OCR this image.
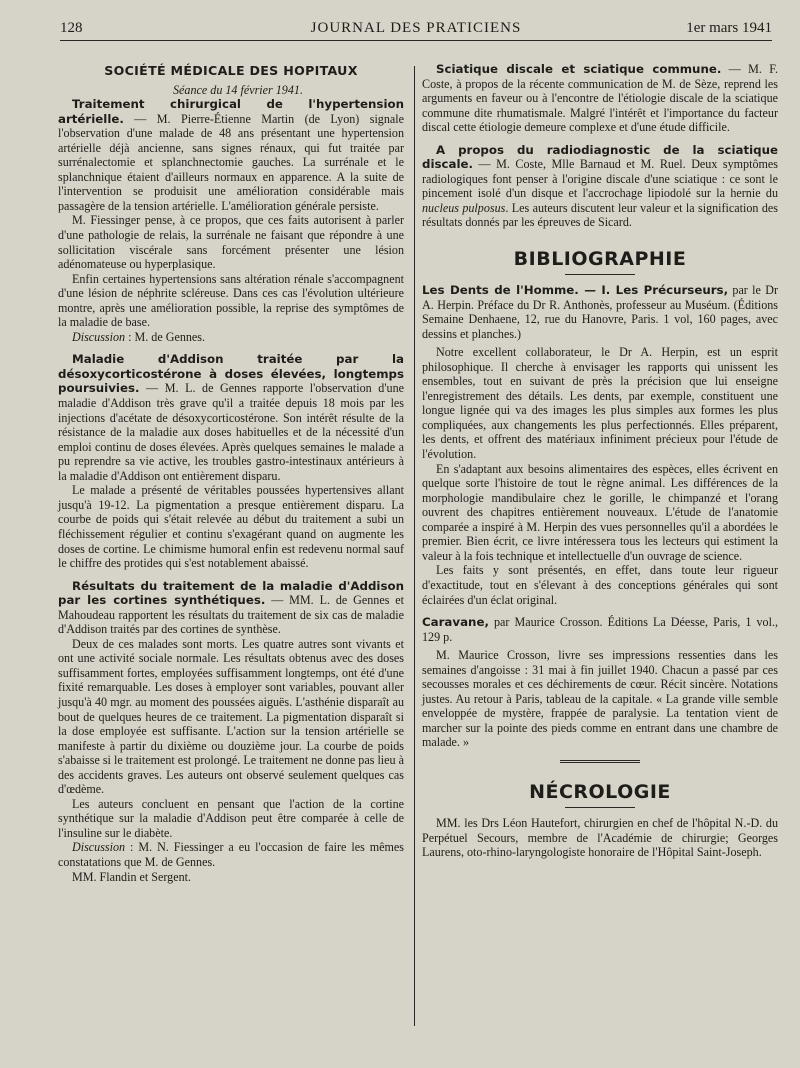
128	JOURNAL DES PRATICIENS	1er mars 1941
SOCIÉTÉ MÉDICALE DES HOPITAUX

Séance du 14 février 1941.

Traitement chirurgical de l'hypertension artérielle. — M. Pierre-Étienne Martin (de Lyon) signale l'observation d'une malade de 48 ans présentant une hypertension artérielle déjà ancienne, sans signes rénaux, qui fut traitée par surrénalectomie et splanchnectomie gauches. La surrénale et le splanchnique étaient d'ailleurs normaux en apparence. A la suite de l'intervention se produisit une amélioration considérable mais passagère de la tension artérielle. L'amélioration générale persiste.

M. Fiessinger pense, à ce propos, que ces faits autorisent à parler d'une pathologie de relais, la surrénale ne faisant que répondre à une sollicitation viscérale sans forcément présenter une lésion adénomateuse ou hyperplasique.

Enfin certaines hypertensions sans altération rénale s'accompagnent d'une lésion de néphrite scléreuse. Dans ces cas l'évolution ultérieure montre, après une amélioration possible, la reprise des symptômes de la maladie de base.

Discussion : M. de Gennes.

Maladie d'Addison traitée par la désoxycorticostérone à doses élevées, longtemps poursuivies. — M. L. de Gennes rapporte l'observation d'une maladie d'Addison très grave qu'il a traitée depuis 18 mois par les injections d'acétate de désoxycorticostérone. Son intérêt résulte de la résistance de la maladie aux doses habituelles et de la nécessité d'un emploi continu de doses élevées. Après quelques semaines le malade a pu reprendre sa vie active, les troubles gastro-intestinaux antérieurs à la maladie d'Addison ont entièrement disparu.

Le malade a présenté de véritables poussées hypertensives allant jusqu'à 19-12. La pigmentation a presque entièrement disparu. La courbe de poids qui s'était relevée au début du traitement a subi un fléchissement régulier et continu s'exagérant quand on augmente les doses de cortine. Le chimisme humoral enfin est redevenu normal sauf le chiffre des protides qui s'est notablement abaissé.

Résultats du traitement de la maladie d'Addison par les cortines synthétiques. — MM. L. de Gennes et Mahoudeau rapportent les résultats du traitement de six cas de maladie d'Addison traités par des cortines de synthèse.

Deux de ces malades sont morts. Les quatre autres sont vivants et ont une activité sociale normale. Les résultats obtenus avec des doses suffisamment fortes, employées suffisamment longtemps, ont été d'une fixité remarquable. Les doses à employer sont variables, pouvant aller jusqu'à 40 mgr. au moment des poussées aiguës. L'asthénie disparaît au bout de quelques heures de ce traitement. La pigmentation disparaît si la dose employée est suffisante. L'action sur la tension artérielle se manifeste à partir du dixième ou douzième jour. La courbe de poids s'abaisse si le traitement est prolongé. Le traitement ne donne pas lieu à des accidents graves. Les auteurs ont observé seulement quelques cas d'œdème.

Les auteurs concluent en pensant que l'action de la cortine synthétique sur la maladie d'Addison peut être comparée à celle de l'insuline sur le diabète.

Discussion : M. N. Fiessinger a eu l'occasion de faire les mêmes constatations que M. de Gennes.

MM. Flandin et Sergent.

Sciatique discale et sciatique commune. — M. F. Coste, à propos de la récente communication de M. de Sèze, reprend les arguments en faveur ou à l'encontre de l'étiologie discale de la sciatique commune dite rhumatismale. Malgré l'intérêt et l'importance du facteur discal cette étiologie demeure complexe et d'une étude difficile.

A propos du radiodiagnostic de la sciatique discale. — M. Coste, Mlle Barnaud et M. Ruel. Deux symptômes radiologiques font penser à l'origine discale d'une sciatique : ce sont le pincement isolé d'un disque et l'accrochage lipiodolé sur la hernie du nucleus pulposus. Les auteurs discutent leur valeur et la signification des résultats donnés par les épreuves de Sicard.

BIBLIOGRAPHIE

Les Dents de l'Homme. — I. Les Précurseurs, par le Dr A. Herpin. Préface du Dr R. Anthonès, professeur au Muséum. (Éditions Semaine Denhaene, 12, rue du Hanovre, Paris. 1 vol, 160 pages, avec dessins et planches.)

Notre excellent collaborateur, le Dr A. Herpin, est un esprit philosophique. Il cherche à envisager les rapports qui unissent les ensembles, tout en suivant de près la précision que lui enseigne l'enregistrement des détails. Les dents, par exemple, constituent une longue lignée qui va des images les plus simples aux formes les plus compliquées, aux changements les plus perfectionnés. Elles préparent, les dents, et offrent des matériaux infiniment précieux pour l'étude de l'évolution.

En s'adaptant aux besoins alimentaires des espèces, elles écrivent en quelque sorte l'histoire de tout le règne animal. Les différences de la morphologie mandibulaire chez le gorille, le chimpanzé et l'orang ouvrent des chapitres entièrement nouveaux. L'étude de l'anatomie comparée a inspiré à M. Herpin des vues personnelles qu'il a abordées le premier. Bien écrit, ce livre intéressera tous les lecteurs qui estiment la valeur à la fois technique et intellectuelle d'un ouvrage de science.

Les faits y sont présentés, en effet, dans toute leur rigueur d'exactitude, tout en s'élevant à des conceptions générales qui sont éclairées d'un éclat original.

Caravane, par Maurice Crosson. Éditions La Déesse, Paris, 1 vol., 129 p.

M. Maurice Crosson, livre ses impressions ressenties dans les semaines d'angoisse : 31 mai à fin juillet 1940. Chacun a passé par ces secousses morales et ces déchirements de cœur. Récit sincère. Notations justes. Au retour à Paris, tableau de la capitale. « La grande ville semble enveloppée de mystère, frappée de paralysie. La tentation vient de marcher sur la pointe des pieds comme en entrant dans une chambre de malade. »

NÉCROLOGIE

MM. les Drs Léon Hautefort, chirurgien en chef de l'hôpital N.-D. du Perpétuel Secours, membre de l'Académie de chirurgie; Georges Laurens, oto-rhino-laryngologiste honoraire de l'Hôpital Saint-Joseph.
